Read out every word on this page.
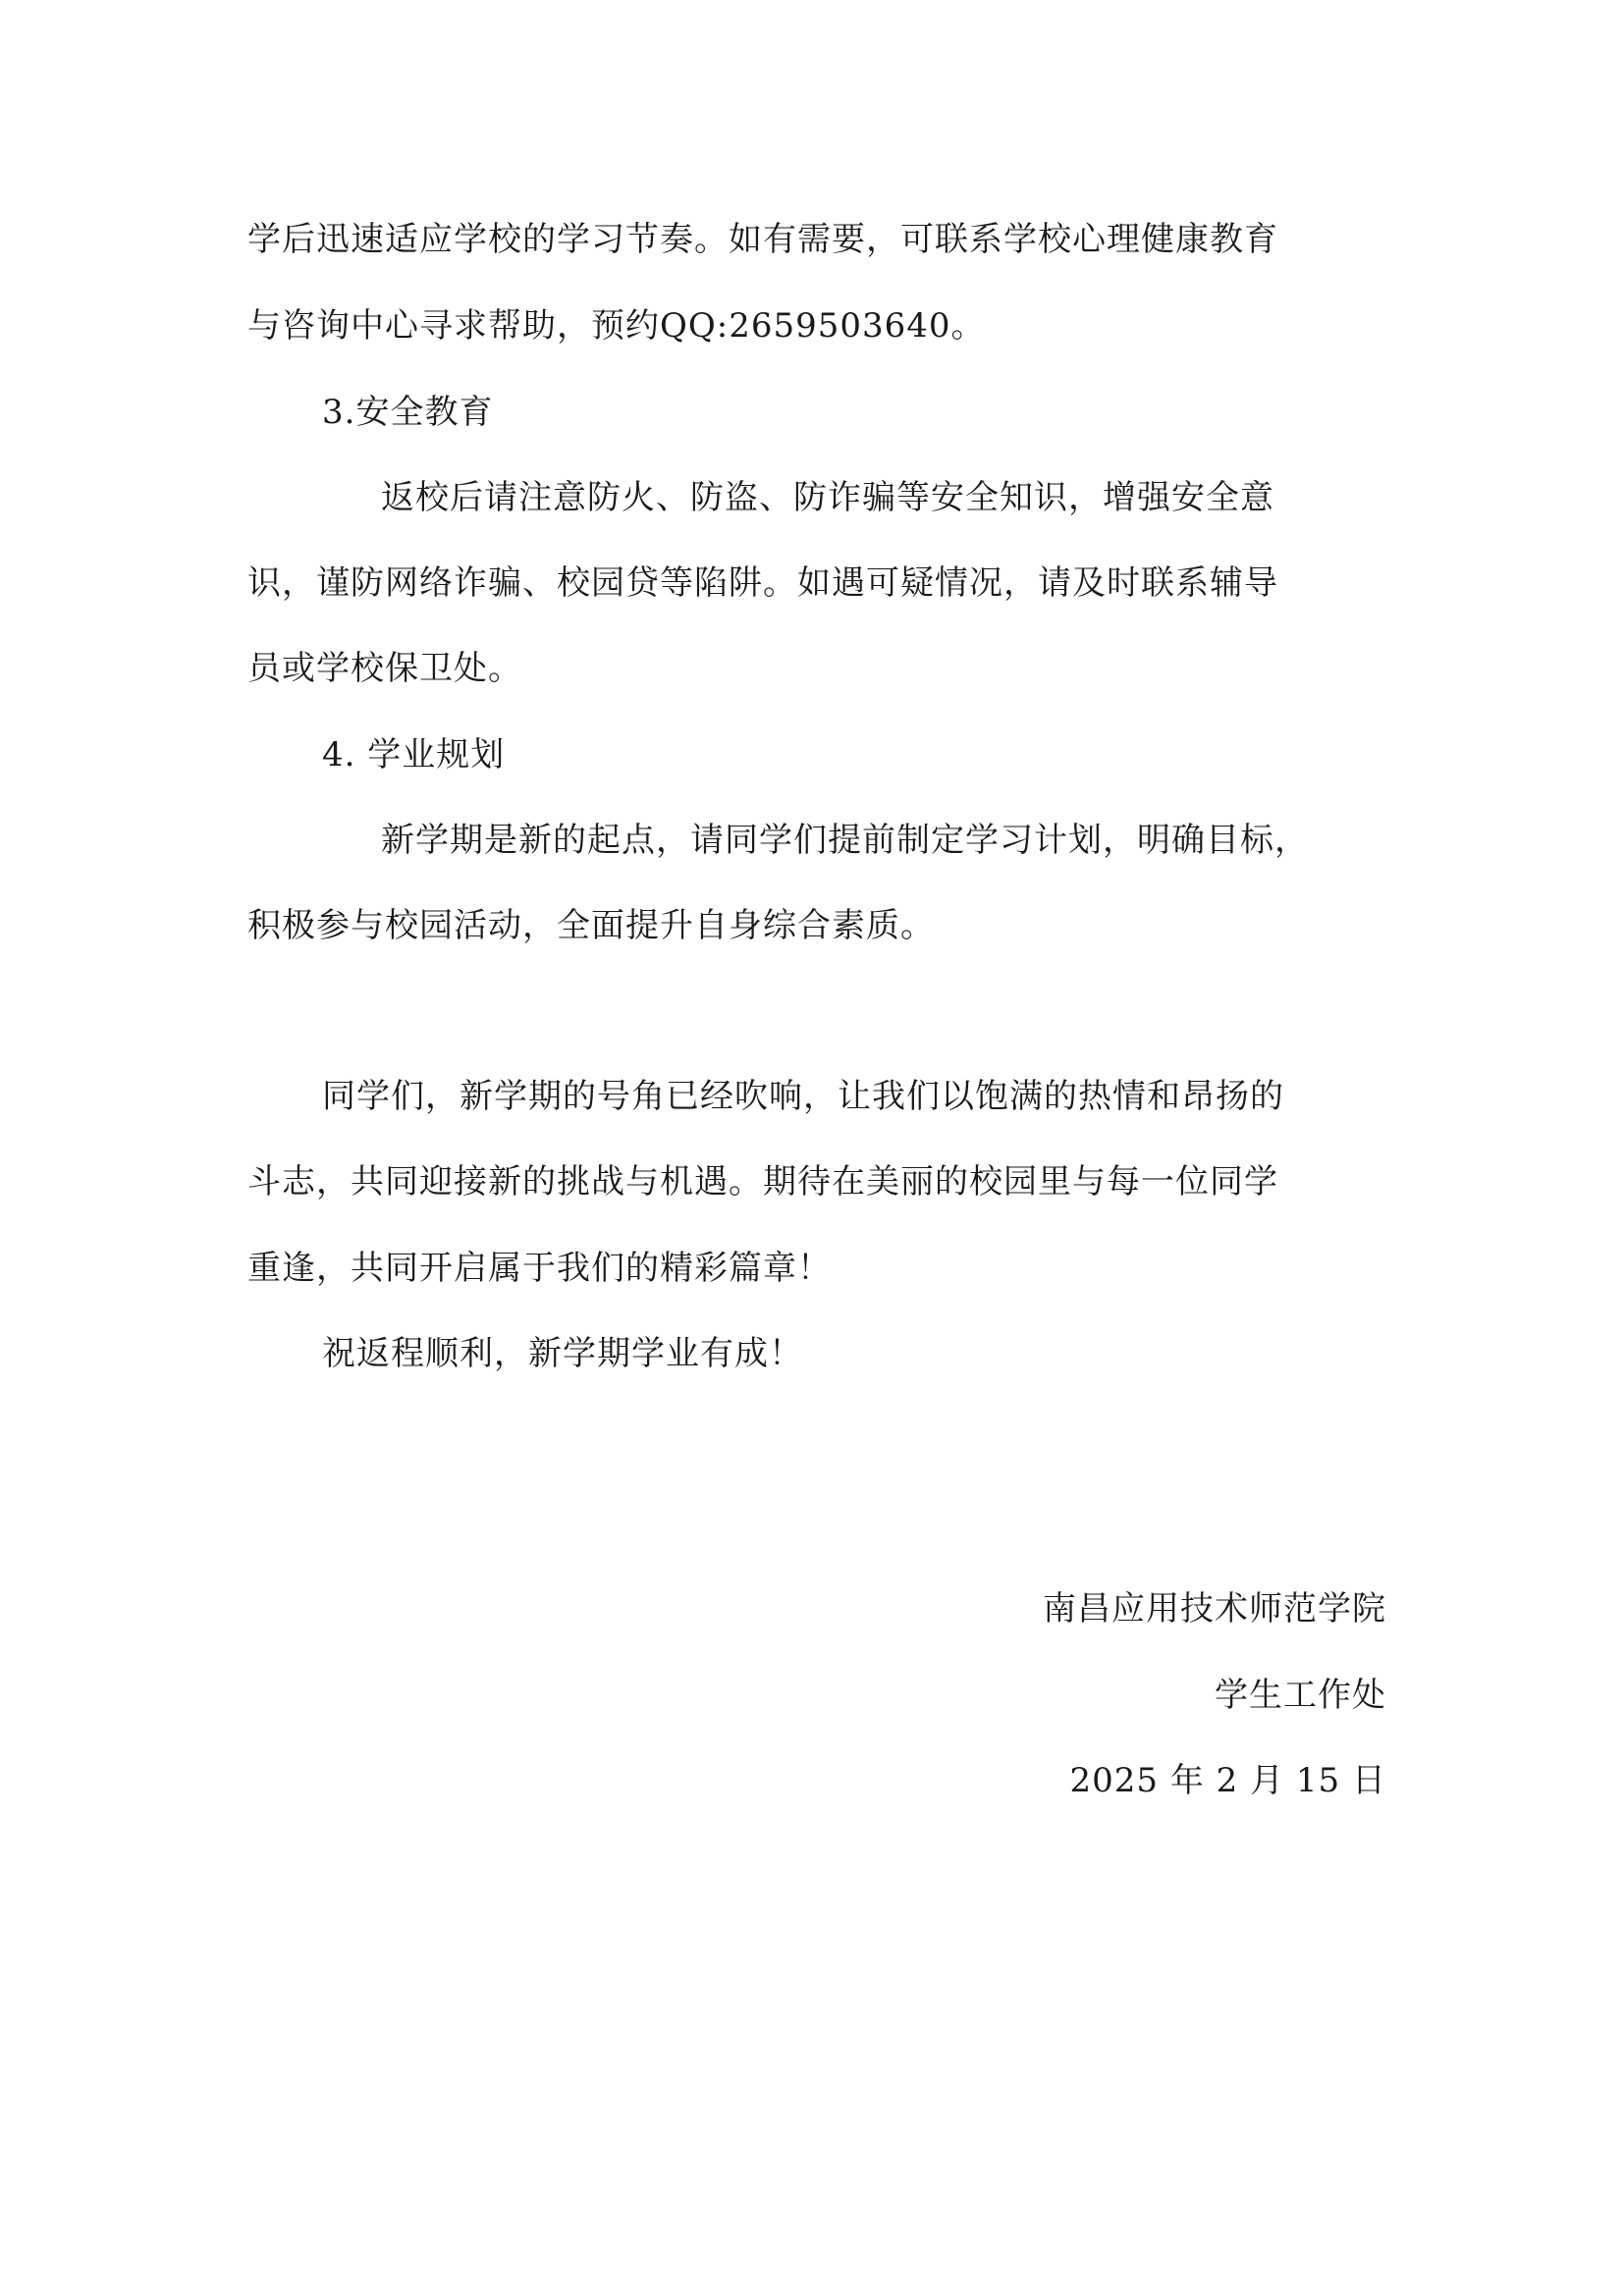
学后迅速适应学校的学习节奏。如有需要，可联系学校心理健康教育
与咨询中心寻求帮助，预约QQ:2659503640。
3.安全教育
返校后请注意防火、防盗、防诈骗等安全知识，增强安全意
识，谨防网络诈骗、校园贷等陷阱。如遇可疑情况，请及时联系辅导
员或学校保卫处。
4. 学业规划
新学期是新的起点，请同学们提前制定学习计划，明确目标，
积极参与校园活动，全面提升自身综合素质。
同学们，新学期的号角已经吹响，让我们以饱满的热情和昂扬的
斗志，共同迎接新的挑战与机遇。期待在美丽的校园里与每一位同学
重逢，共同开启属于我们的精彩篇章！
祝返程顺利，新学期学业有成！
南昌应用技术师范学院
学生工作处
2025 年 2 月 15 日
